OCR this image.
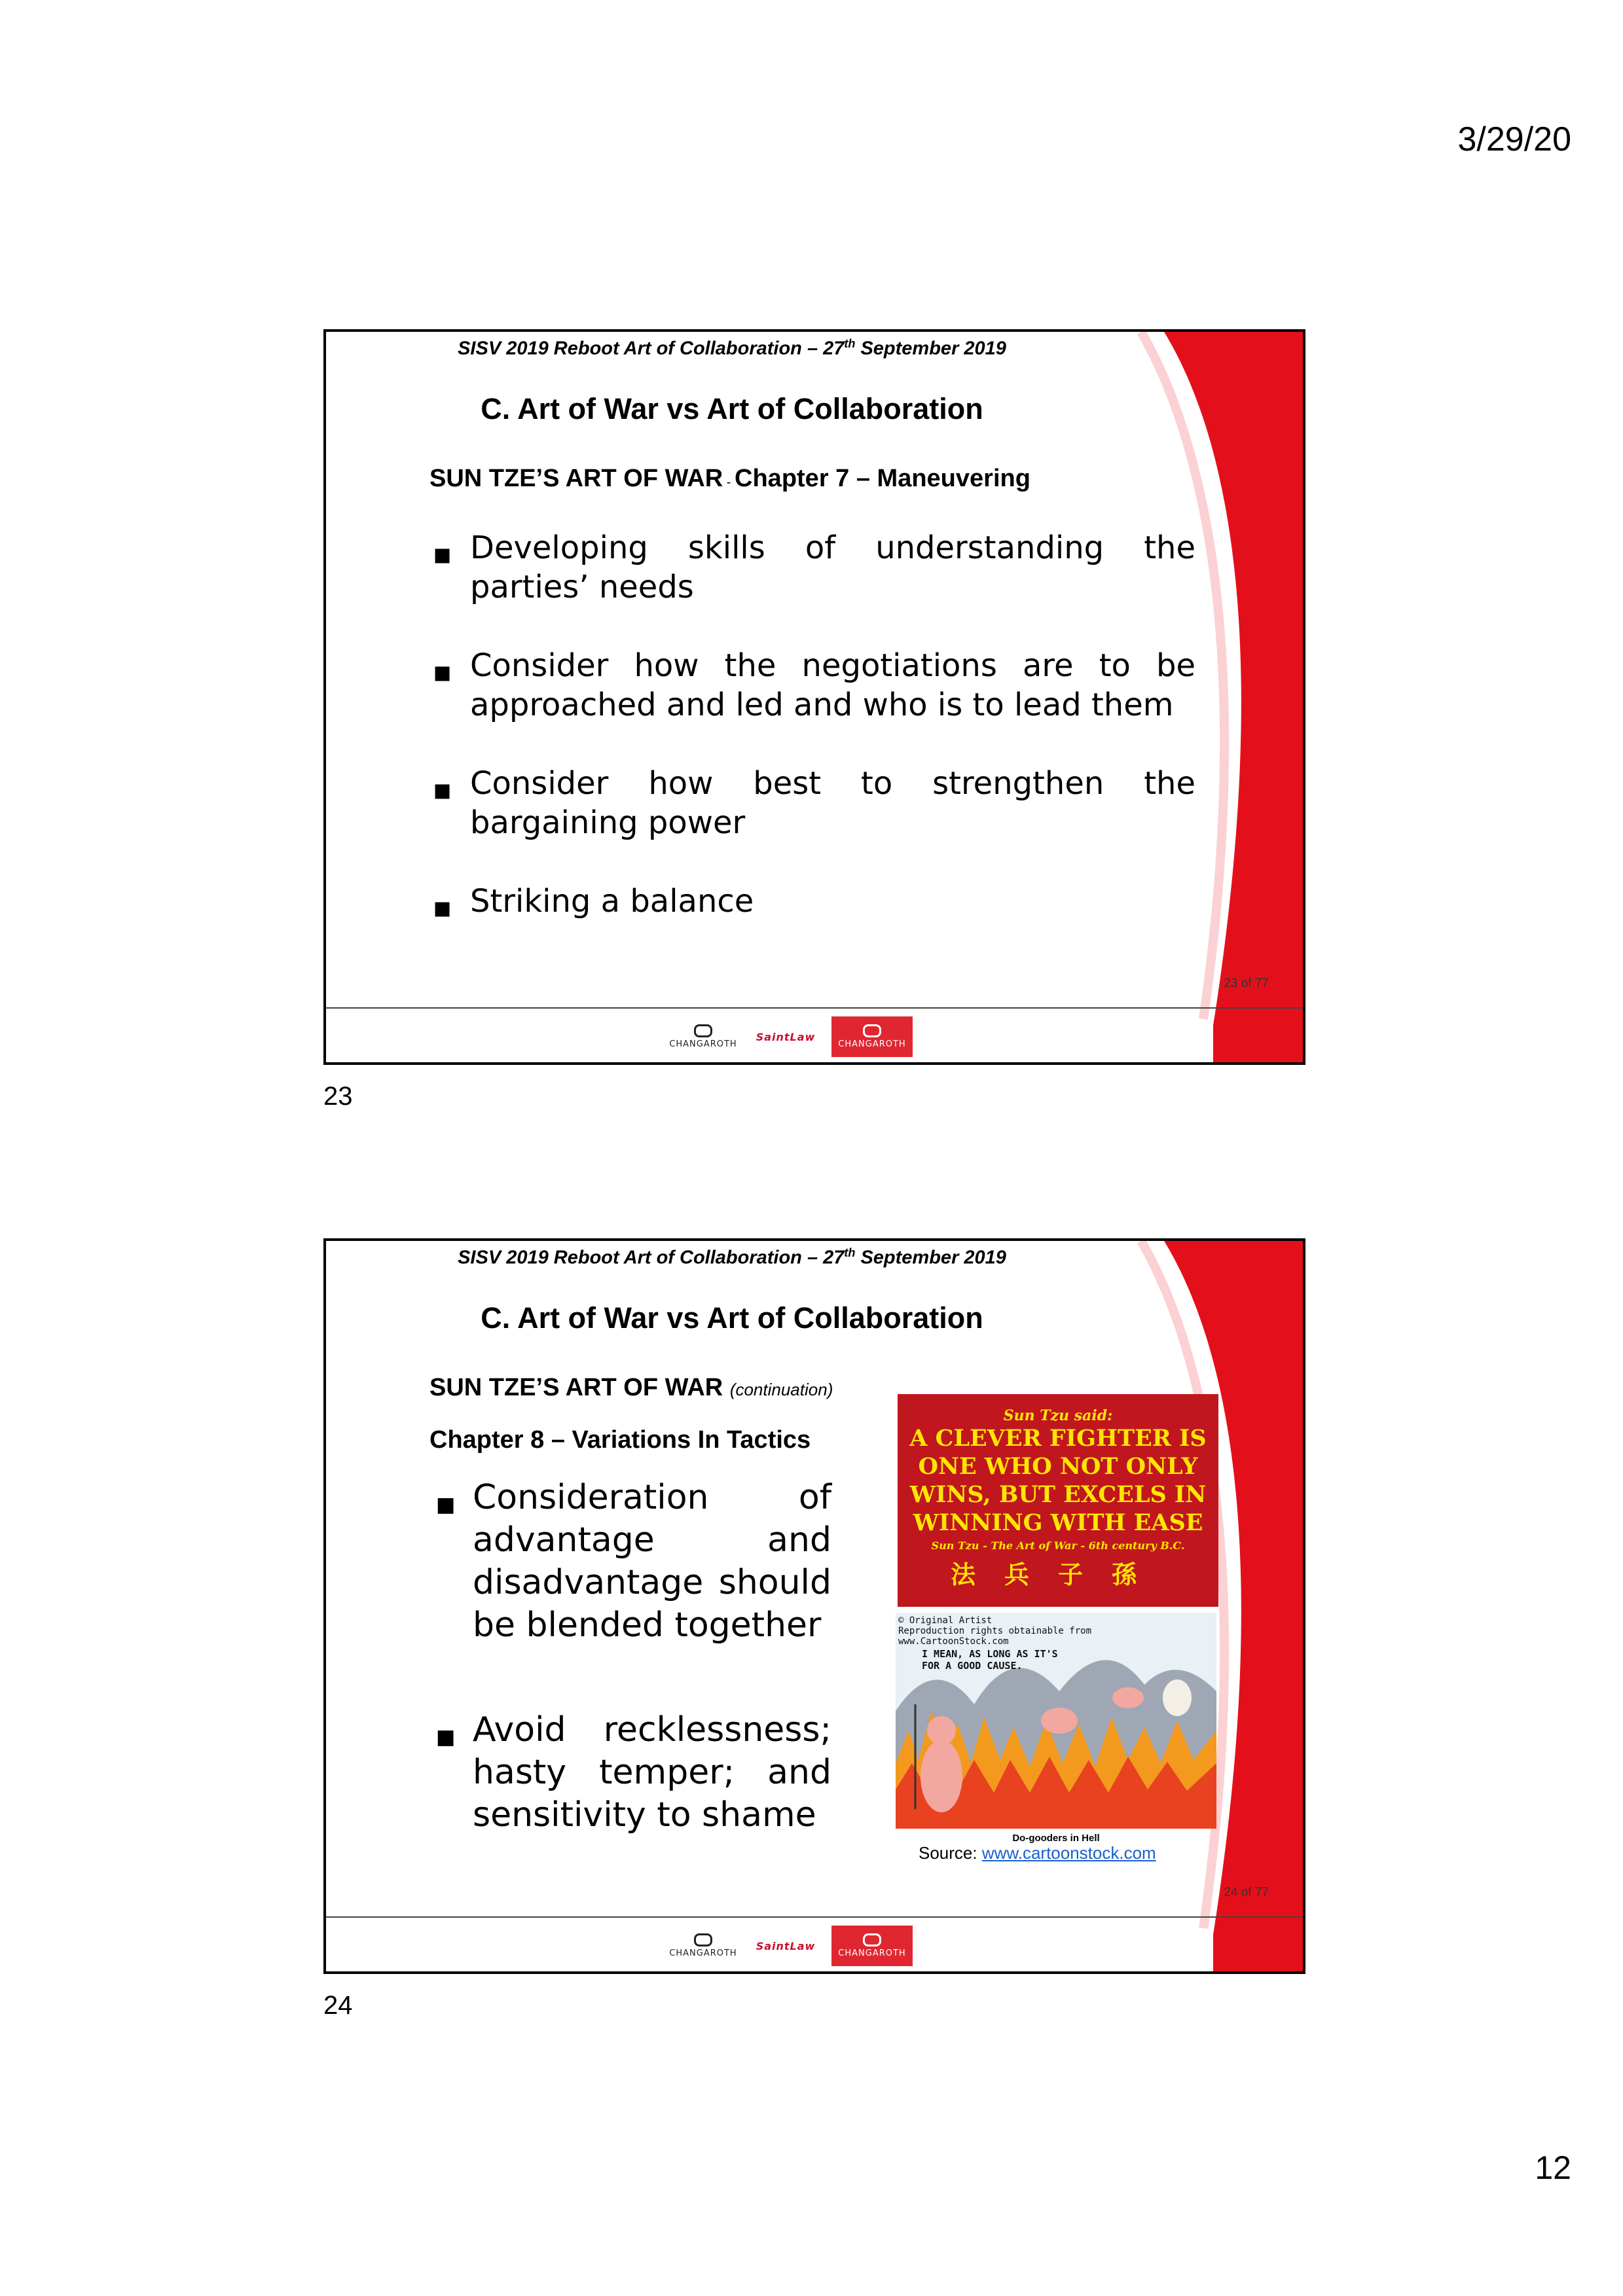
3/29/20
SISV 2019 Reboot Art of Collaboration – 27th September 2019
C. Art of War vs Art of Collaboration
SUN TZE’S ART OF WAR - Chapter 7 – Maneuvering
■ Developing skills of understanding the parties’ needs
■ Consider how the negotiations are to be approached and led and who is to lead them
■ Consider how best to strengthen the bargaining power
■ Striking a balance
23 of 77
CHANGAROTH
SaintLaw
CHANGAROTH
23
SISV 2019 Reboot Art of Collaboration – 27th September 2019
C. Art of War vs Art of Collaboration
SUN TZE’S ART OF WAR (continuation)
Chapter 8 – Variations In Tactics
■ Consideration of advantage and disadvantage should be blended together
■ Avoid recklessness; hasty temper; and sensitivity to shame
Sun Tzu said:
A CLEVER FIGHTER IS
ONE WHO NOT ONLY
WINS, BUT EXCELS IN
WINNING WITH EASE
Sun Tzu - The Art of War - 6th century B.C.
法兵子孫
© Original Artist
Reproduction rights obtainable from
www.CartoonStock.com
I MEAN, AS LONG AS IT'S FOR A GOOD CAUSE.
Do-gooders in Hell
Source: www.cartoonstock.com
24 of 77
CHANGAROTH
SaintLaw
CHANGAROTH
24
12
